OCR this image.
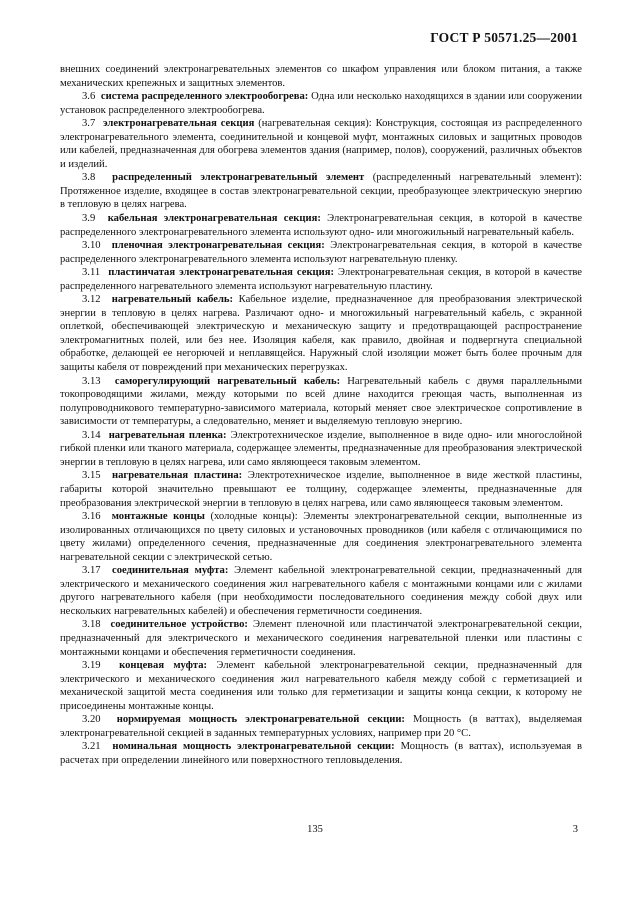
ГОСТ Р 50571.25—2001

внешних соединений электронагревательных элементов со шкафом управления или блоком питания, а также механических крепежных и защитных элементов.

3.6 система распределенного электрообогрева: Одна или несколько находящихся в здании или сооружении установок распределенного электрообогрева.

3.7 электронагревательная секция (нагревательная секция): Конструкция, состоящая из распределенного электронагревательного элемента, соединительной и концевой муфт, монтажных силовых и защитных проводов или кабелей, предназначенная для обогрева элементов здания (например, полов), сооружений, различных объектов и изделий.

3.8 распределенный электронагревательный элемент (распределенный нагревательный элемент): Протяженное изделие, входящее в состав электронагревательной секции, преобразующее электрическую энергию в тепловую в целях нагрева.

3.9 кабельная электронагревательная секция: Электронагревательная секция, в которой в качестве распределенного электронагревательного элемента используют одно- или многожильный нагревательный кабель.

3.10 пленочная электронагревательная секция: Электронагревательная секция, в которой в качестве распределенного электронагревательного элемента используют нагревательную пленку.

3.11 пластинчатая электронагревательная секция: Электронагревательная секция, в которой в качестве распределенного нагревательного элемента используют нагревательную пластину.

3.12 нагревательный кабель: Кабельное изделие, предназначенное для преобразования электрической энергии в тепловую в целях нагрева. Различают одно- и многожильный нагревательный кабель, с экранной оплеткой, обеспечивающей электрическую и механическую защиту и предотвращающей распространение электромагнитных полей, или без нее. Изоляция кабеля, как правило, двойная и подвергнута специальной обработке, делающей ее негорючей и неплавящейся. Наружный слой изоляции может быть более прочным для защиты кабеля от повреждений при механических перегрузках.

3.13 саморегулирующий нагревательный кабель: Нагревательный кабель с двумя параллельными токопроводящими жилами, между которыми по всей длине находится греющая часть, выполненная из полупроводникового температурно-зависимого материала, который меняет свое электрическое сопротивление в зависимости от температуры, а следовательно, меняет и выделяемую тепловую энергию.

3.14 нагревательная пленка: Электротехническое изделие, выполненное в виде одно- или многослойной гибкой пленки или тканого материала, содержащее элементы, предназначенные для преобразования электрической энергии в тепловую в целях нагрева, или само являющееся таковым элементом.

3.15 нагревательная пластина: Электротехническое изделие, выполненное в виде жесткой пластины, габариты которой значительно превышают ее толщину, содержащее элементы, предназначенные для преобразования электрической энергии в тепловую в целях нагрева, или само являющееся таковым элементом.

3.16 монтажные концы (холодные концы): Элементы электронагревательной секции, выполненные из изолированных отличающихся по цвету силовых и установочных проводников (или кабеля с отличающимися по цвету жилами) определенного сечения, предназначенные для соединения электронагревательного элемента нагревательной секции с электрической сетью.

3.17 соединительная муфта: Элемент кабельной электронагревательной секции, предназначенный для электрического и механического соединения жил нагревательного кабеля с монтажными концами или с жилами другого нагревательного кабеля (при необходимости последовательного соединения между собой двух или нескольких нагревательных кабелей) и обеспечения герметичности соединения.

3.18 соединительное устройство: Элемент пленочной или пластинчатой электронагревательной секции, предназначенный для электрического и механического соединения нагревательной пленки или пластины с монтажными концами и обеспечения герметичности соединения.

3.19 концевая муфта: Элемент кабельной электронагревательной секции, предназначенный для электрического и механического соединения жил нагревательного кабеля между собой с герметизацией и механической защитой места соединения или только для герметизации и защиты конца секции, к которому не присоединены монтажные концы.

3.20 нормируемая мощность электронагревательной секции: Мощность (в ваттах), выделяемая электронагревательной секцией в заданных температурных условиях, например при 20 °С.

3.21 номинальная мощность электронагревательной секции: Мощность (в ваттах), используемая в расчетах при определении линейного или поверхностного тепловыделения.

135	3
